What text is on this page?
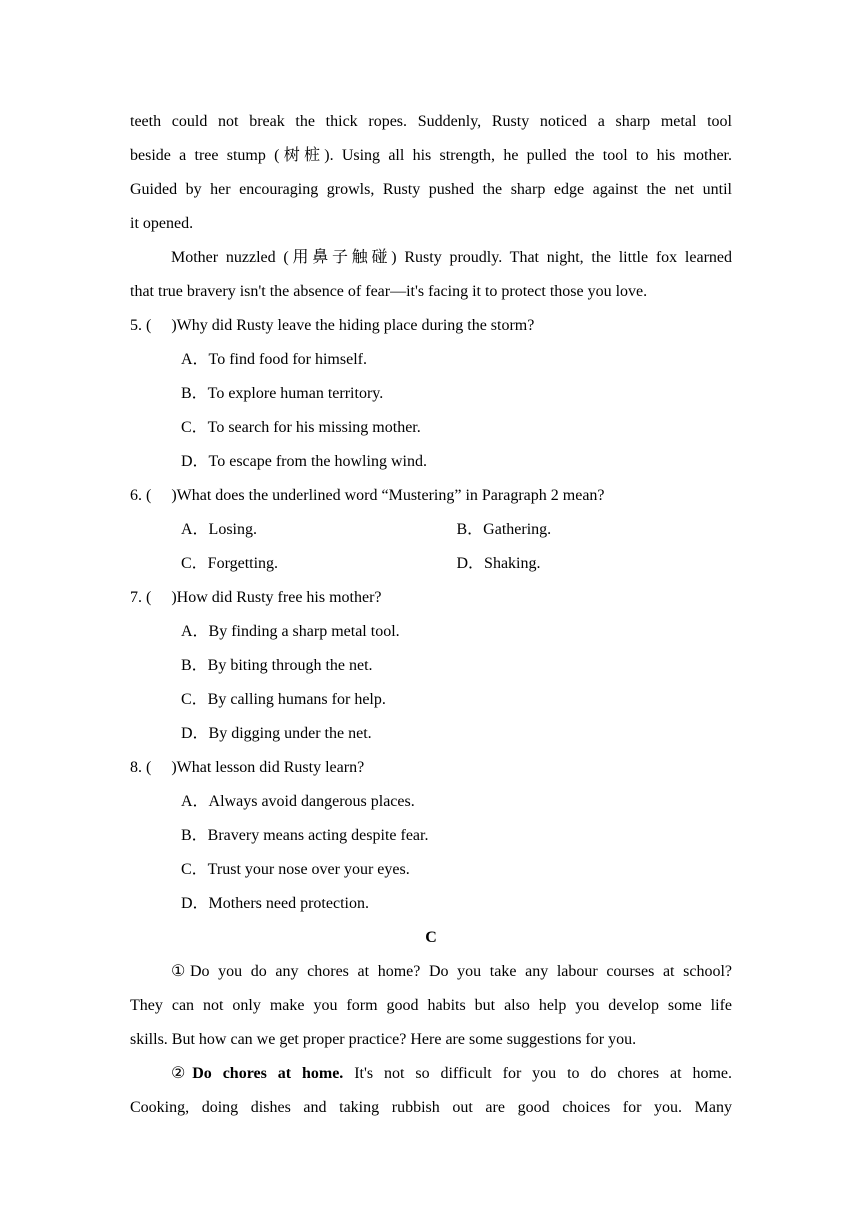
teeth could not break the thick ropes. Suddenly, Rusty noticed a sharp metal tool
beside a tree stump (树桩). Using all his strength, he pulled the tool to his mother.
Guided by her encouraging growls, Rusty pushed the sharp edge against the net until
it opened.
Mother nuzzled (用鼻子触碰) Rusty proudly. That night, the little fox learned
that true bravery isn't the absence of fear—it's facing it to protect those you love.
5. (　 )Why did Rusty leave the hiding place during the storm?
A．To find food for himself.
B．To explore human territory.
C．To search for his missing mother.
D．To escape from the howling wind.
6. (　 )What does the underlined word “Mustering” in Paragraph 2 mean?
A．Losing.	B．Gathering.
C．Forgetting.	D．Shaking.
7. (　 )How did Rusty free his mother?
A．By finding a sharp metal tool.
B．By biting through the net.
C．By calling humans for help.
D．By digging under the net.
8. (　 )What lesson did Rusty learn?
A．Always avoid dangerous places.
B．Bravery means acting despite fear.
C．Trust your nose over your eyes.
D．Mothers need protection.
C
①Do you do any chores at home? Do you take any labour courses at school?
They can not only make you form good habits but also help you develop some life
skills. But how can we get proper practice? Here are some suggestions for you.
②Do chores at home. It's not so difficult for you to do chores at home.
Cooking, doing dishes and taking rubbish out are good choices for you. Many
